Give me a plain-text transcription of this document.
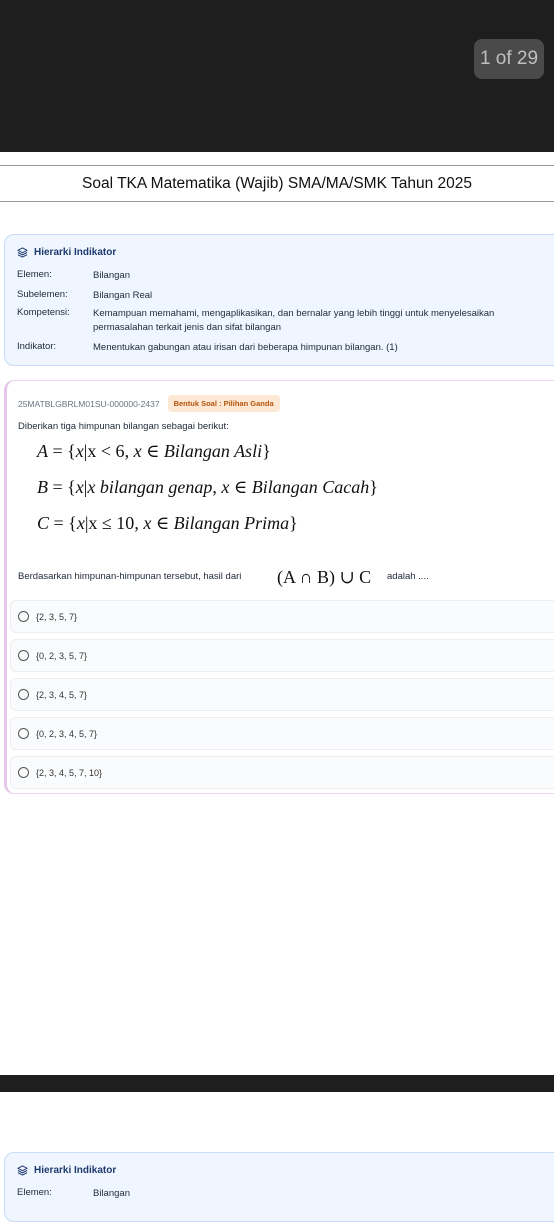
1 of 29
Soal TKA Matematika (Wajib) SMA/MA/SMK Tahun 2025
Hierarki Indikator
Elemen:	Bilangan
Subelemen:	Bilangan Real
Kompetensi:	Kemampuan memahami, mengaplikasikan, dan bernalar yang lebih tinggi untuk menyelesaikan permasalahan terkait jenis dan sifat bilangan
Indikator:	Menentukan gabungan atau irisan dari beberapa himpunan bilangan. (1)
25MATBLGBRLM01SU-000000-2437	Bentuk Soal : Pilihan Ganda
Diberikan tiga himpunan bilangan sebagai berikut:
A = {x|x < 6, x ∈ Bilangan Asli}
B = {x|x bilangan genap, x ∈ Bilangan Cacah}
C = {x|x ≤ 10, x ∈ Bilangan Prima}
Berdasarkan himpunan-himpunan tersebut, hasil dari (A ∩ B) ∪ C adalah ....
{2, 3, 5, 7}
{0, 2, 3, 5, 7}
{2, 3, 4, 5, 7}
{0, 2, 3, 4, 5, 7}
{2, 3, 4, 5, 7, 10}
Hierarki Indikator
Elemen:	Bilangan
